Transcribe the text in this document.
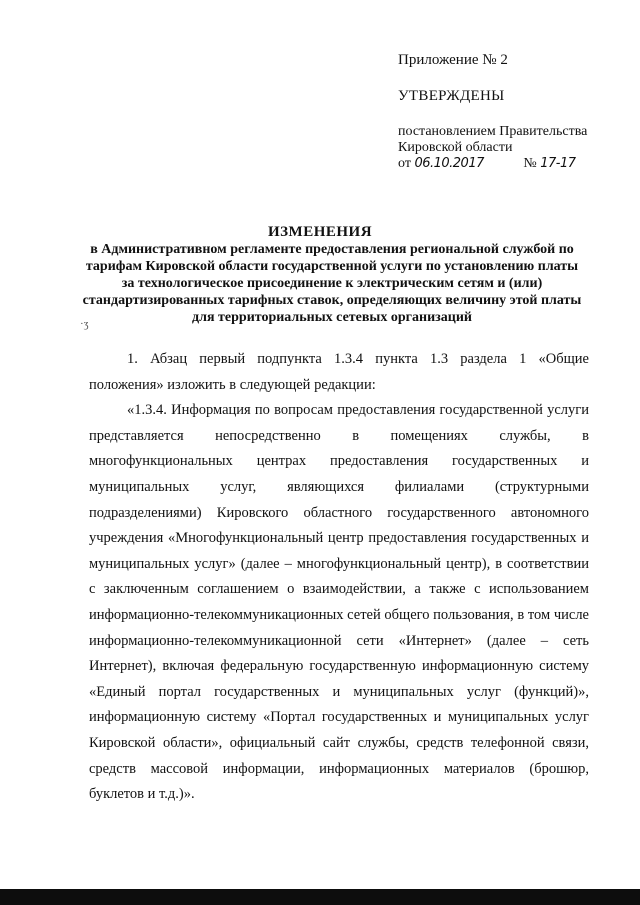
Приложение № 2
УТВЕРЖДЕНЫ
постановлением Правительства
Кировской области
от 06.10.2017	№ 17-17
ИЗМЕНЕНИЯ
в Административном регламенте предоставления региональной службой по тарифам Кировской области государственной услуги по установлению платы за технологическое присоединение к электрическим сетям и (или) стандартизированных тарифных ставок, определяющих величину этой платы для территориальных сетевых организаций
·ʒ

1. Абзац первый подпункта 1.3.4 пункта 1.3 раздела 1 «Общие положения» изложить в следующей редакции:

«1.3.4. Информация по вопросам предоставления государственной услуги представляется непосредственно в помещениях службы, в многофункциональных центрах предоставления государственных и муниципальных услуг, являющихся филиалами (структурными подразделениями) Кировского областного государственного автономного учреждения «Многофункциональный центр предоставления государственных и муниципальных услуг» (далее – многофункциональный центр), в соответствии с заключенным соглашением о взаимодействии, а также с использованием информационно-телекоммуникационных сетей общего пользования, в том числе информационно-телекоммуникационной сети «Интернет» (далее – сеть Интернет), включая федеральную государственную информационную систему «Единый портал государственных и муниципальных услуг (функций)», информационную систему «Портал государственных и муниципальных услуг Кировской области», официальный сайт службы, средств телефонной связи, средств массовой информации, информационных материалов (брошюр, буклетов и т.д.)».
